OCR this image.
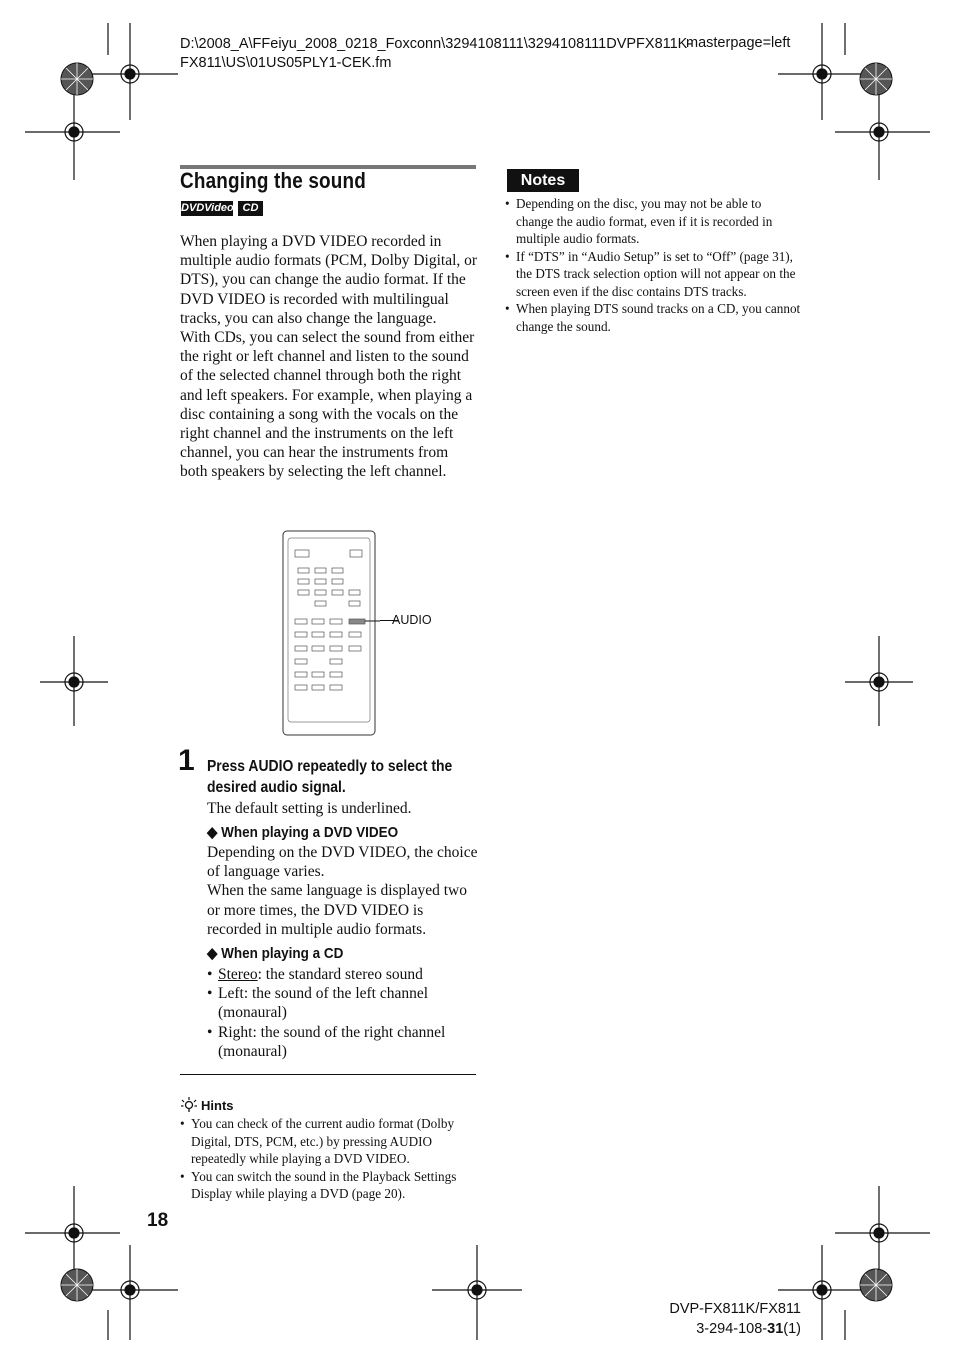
D:\2008_A\FFeiyu_2008_0218_Foxconn\3294108111\3294108111DVPFX811K-
FX811\US\01US05PLY1-CEK.fm
masterpage=left
Changing the sound
DVDVideo CD
When playing a DVD VIDEO recorded in multiple audio formats (PCM, Dolby Digital, or DTS), you can change the audio format. If the DVD VIDEO is recorded with multilingual tracks, you can also change the language.
With CDs, you can select the sound from either the right or left channel and listen to the sound of the selected channel through both the right and left speakers. For example, when playing a disc containing a song with the vocals on the right channel and the instruments on the left channel, you can hear the instruments from both speakers by selecting the left channel.
AUDIO
1 Press AUDIO repeatedly to select the desired audio signal.
The default setting is underlined.
◆ When playing a DVD VIDEO
Depending on the DVD VIDEO, the choice of language varies.
When the same language is displayed two or more times, the DVD VIDEO is recorded in multiple audio formats.
◆ When playing a CD
• Stereo: the standard stereo sound
• Left: the sound of the left channel (monaural)
• Right: the sound of the right channel (monaural)
Hints
• You can check of the current audio format (Dolby Digital, DTS, PCM, etc.) by pressing AUDIO repeatedly while playing a DVD VIDEO.
• You can switch the sound in the Playback Settings Display while playing a DVD (page 20).
Notes
• Depending on the disc, you may not be able to change the audio format, even if it is recorded in multiple audio formats.
• If “DTS” in “Audio Setup” is set to “Off” (page 31), the DTS track selection option will not appear on the screen even if the disc contains DTS tracks.
• When playing DTS sound tracks on a CD, you cannot change the sound.
18
DVP-FX811K/FX811
3-294-108-31(1)
